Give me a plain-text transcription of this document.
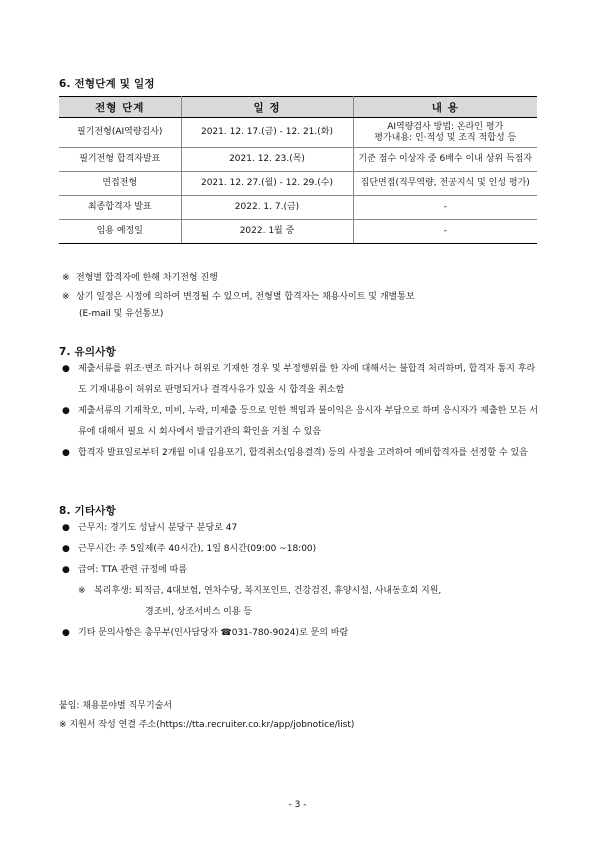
6. 전형단계 및 일정
전형 단계	일 정	내 용
필기전형(AI역량검사)	2021. 12. 17.(금) - 12. 21.(화)	AI역량검사 방법: 온라인 평가
평가내용: 인·적성 및 조직 적합성 등

필기전형 합격자발표	2021. 12. 23.(목)	기준 점수 이상자 중 6배수 이내 상위 득점자
면접전형	2021. 12. 27.(월) - 12. 29.(수)	집단면접(직무역량, 전공지식 및 인성 평가)
최종합격자 발표	2022. 1. 7.(금)	-
임용 예정일	2022. 1월 중	-
※ 전형별 합격자에 한해 차기전형 진행
※ 상기 일정은 시정에 의하여 변경될 수 있으며, 전형별 합격자는 채용사이트 및 개별통보
(E-mail 및 유선통보)
7. 유의사항
● 제출서류를 위조·변조 하거나 허위로 기재한 경우 및 부정행위를 한 자에 대해서는 불합격 처리하며, 합격자 통지 후라도 기재내용이 허위로 판명되거나 결격사유가 있을 시 합격을 취소함
● 제출서류의 기재착오, 미비, 누락, 미제출 등으로 인한 책임과 불이익은 응시자 부담으로 하며 응시자가 제출한 모든 서류에 대해서 필요 시 회사에서 발급기관의 확인을 거칠 수 있음
● 합격자 발표일로부터 2개월 이내 임용포기, 합격취소(임용결격) 등의 사정을 고려하여 예비합격자를 선정할 수 있음
8. 기타사항
● 근무지: 경기도 성남시 분당구 분당로 47
● 근무시간: 주 5일제(주 40시간), 1일 8시간(09:00 ~18:00)
● 급여: TTA 관련 규정에 따름
※ 복리후생: 퇴직금, 4대보험, 연차수당, 복지포인트, 건강검진, 휴양시설, 사내동호회 지원,
경조비, 상조서비스 이용 등
● 기타 문의사항은 총무부(인사담당자 ☎031-780-9024)로 문의 바람
붙임: 채용분야별 직무기술서
※ 지원서 작성 연결 주소(https://tta.recruiter.co.kr/app/jobnotice/list)
- 3 -
